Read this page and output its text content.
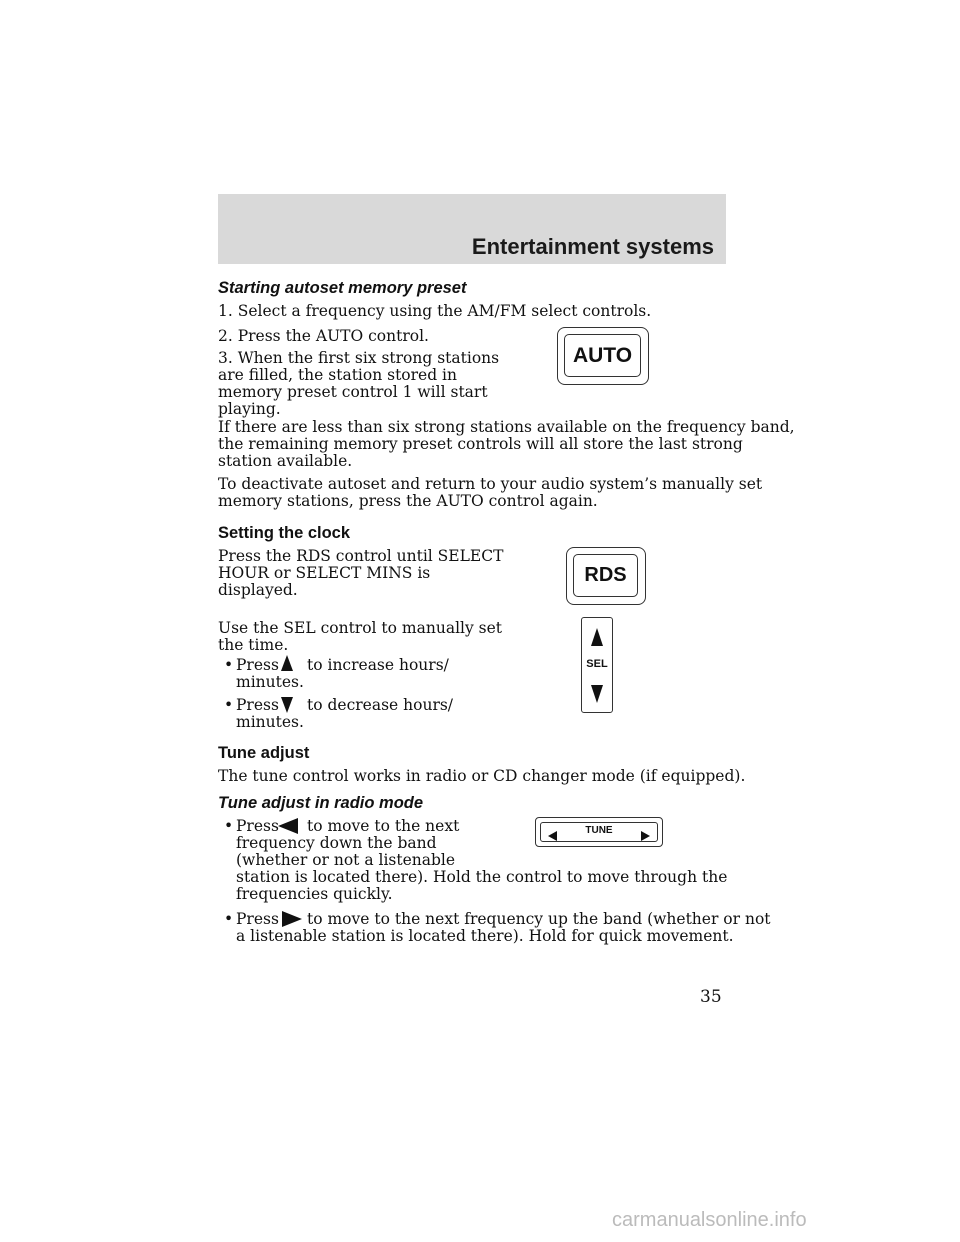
Entertainment systems
Starting autoset memory preset
1. Select a frequency using the AM/FM select controls.
2. Press the AUTO control.
3. When the first six strong stations
are filled, the station stored in
memory preset control 1 will start
playing.
AUTO
If there are less than six strong stations available on the frequency band,
the remaining memory preset controls will all store the last strong
station available.
To deactivate autoset and return to your audio system’s manually set
memory stations, press the AUTO control again.
Setting the clock
Press the RDS control until SELECT
HOUR or SELECT MINS is
displayed.
RDS
Use the SEL control to manually set
the time.
• Press to increase hours/
minutes.
• Press to decrease hours/
minutes.
SEL
Tune adjust
The tune control works in radio or CD changer mode (if equipped).
Tune adjust in radio mode
TUNE
• Press to move to the next
frequency down the band
(whether or not a listenable
station is located there). Hold the control to move through the
frequencies quickly.
• Press to move to the next frequency up the band (whether or not
a listenable station is located there). Hold for quick movement.
35
carmanualsonline.info
